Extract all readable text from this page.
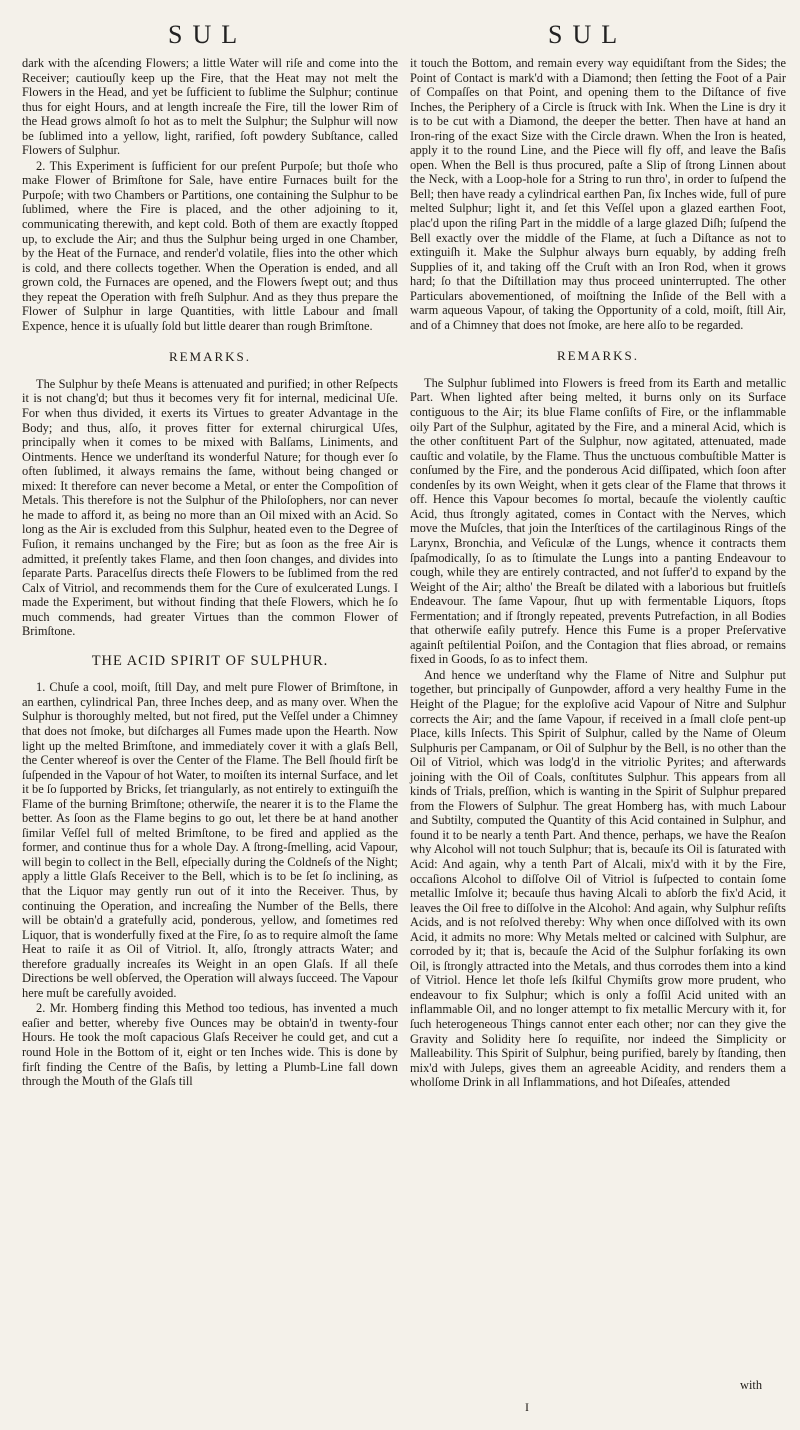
SUL	SUL

dark with the aſcending Flowers; a little Water will riſe and come into the Receiver; cautiouſly keep up the Fire, that the Heat may not melt the Flowers in the Head, and yet be ſufficient to ſublime the Sulphur; continue thus for eight Hours, and at length increaſe the Fire, till the lower Rim of the Head grows almoſt ſo hot as to melt the Sulphur; the Sulphur will now be ſublimed into a yellow, light, rarified, ſoft powdery Subſtance, called Flowers of Sulphur.

2. This Experiment is ſufficient for our preſent Purpoſe; but thoſe who make Flower of Brimſtone for Sale, have entire Furnaces built for the Purpoſe; with two Chambers or Partitions, one containing the Sulphur to be ſublimed, where the Fire is placed, and the other adjoining to it, communicating therewith, and kept cold. Both of them are exactly ſtopped up, to exclude the Air; and thus the Sulphur being urged in one Chamber, by the Heat of the Furnace, and render'd volatile, flies into the other which is cold, and there collects together. When the Operation is ended, and all grown cold, the Furnaces are opened, and the Flowers ſwept out; and thus they repeat the Operation with freſh Sulphur. And as they thus prepare the Flower of Sulphur in large Quantities, with little Labour and ſmall Expence, hence it is uſually ſold but little dearer than rough Brimſtone.

REMARKS.

The Sulphur by theſe Means is attenuated and purified; in other Reſpects it is not chang'd; but thus it becomes very fit for internal, medicinal Uſe. For when thus divided, it exerts its Virtues to greater Advantage in the Body; and thus, alſo, it proves fitter for external chirurgical Uſes, principally when it comes to be mixed with Balſams, Liniments, and Ointments. Hence we underſtand its wonderful Nature; for though ever ſo often ſublimed, it always remains the ſame, without being changed or mixed: It therefore can never become a Metal, or enter the Compoſition of Metals. This therefore is not the Sulphur of the Philoſophers, nor can never he made to afford it, as being no more than an Oil mixed with an Acid. So long as the Air is excluded from this Sulphur, heated even to the Degree of Fuſion, it remains unchanged by the Fire; but as ſoon as the free Air is admitted, it preſently takes Flame, and then ſoon changes, and divides into ſeparate Parts. Paracelſus directs theſe Flowers to be ſublimed from the red Calx of Vitriol, and recommends them for the Cure of exulcerated Lungs. I made the Experiment, but without finding that theſe Flowers, which he ſo much commends, had greater Virtues than the common Flower of Brimſtone.

THE ACID SPIRIT OF SULPHUR.

1. Chuſe a cool, moiſt, ſtill Day, and melt pure Flower of Brimſtone, in an earthen, cylindrical Pan, three Inches deep, and as many over. When the Sulphur is thoroughly melted, but not fired, put the Veſſel under a Chimney that does not ſmoke, but diſcharges all Fumes made upon the Hearth. Now light up the melted Brimſtone, and immediately cover it with a glaſs Bell, the Center whereof is over the Center of the Flame. The Bell ſhould firſt be ſuſpended in the Vapour of hot Water, to moiſten its internal Surface, and let it be ſo ſupported by Bricks, ſet triangularly, as not entirely to extinguiſh the Flame of the burning Brimſtone; otherwiſe, the nearer it is to the Flame the better. As ſoon as the Flame begins to go out, let there be at hand another ſimilar Veſſel full of melted Brimſtone, to be fired and applied as the former, and continue thus for a whole Day. A ſtrong-ſmelling, acid Vapour, will begin to collect in the Bell, eſpecially during the Coldneſs of the Night; apply a little Glaſs Receiver to the Bell, which is to be ſet ſo inclining, as that the Liquor may gently run out of it into the Receiver. Thus, by continuing the Operation, and increaſing the Number of the Bells, there will be obtain'd a gratefully acid, ponderous, yellow, and ſometimes red Liquor, that is wonderfully fixed at the Fire, ſo as to require almoſt the ſame Heat to raiſe it as Oil of Vitriol. It, alſo, ſtrongly attracts Water; and therefore gradually increaſes its Weight in an open Glaſs. If all theſe Directions be well obſerved, the Operation will always ſucceed. The Vapour here muſt be carefully avoided.

2. Mr. Homberg finding this Method too tedious, has invented a much eaſier and better, whereby five Ounces may be obtain'd in twenty-four Hours. He took the moſt capacious Glaſs Receiver he could get, and cut a round Hole in the Bottom of it, eight or ten Inches wide. This is done by firſt finding the Centre of the Baſis, by letting a Plumb-Line fall down through the Mouth of the Glaſs till

it touch the Bottom, and remain every way equidiſtant from the Sides; the Point of Contact is mark'd with a Diamond; then ſetting the Foot of a Pair of Compaſſes on that Point, and opening them to the Diſtance of five Inches, the Periphery of a Circle is ſtruck with Ink. When the Line is dry it is to be cut with a Diamond, the deeper the better. Then have at hand an Iron-ring of the exact Size with the Circle drawn. When the Iron is heated, apply it to the round Line, and the Piece will fly off, and leave the Baſis open. When the Bell is thus procured, paſte a Slip of ſtrong Linnen about the Neck, with a Loop-hole for a String to run thro', in order to ſuſpend the Bell; then have ready a cylindrical earthen Pan, ſix Inches wide, full of pure melted Sulphur; light it, and ſet this Veſſel upon a glazed earthen Foot, plac'd upon the riſing Part in the middle of a large glazed Diſh; ſuſpend the Bell exactly over the middle of the Flame, at ſuch a Diſtance as not to extinguiſh it. Make the Sulphur always burn equably, by adding freſh Supplies of it, and taking off the Cruſt with an Iron Rod, when it grows hard; ſo that the Diſtillation may thus proceed uninterrupted. The other Particulars abovementioned, of moiſtning the Inſide of the Bell with a warm aqueous Vapour, of taking the Opportunity of a cold, moiſt, ſtill Air, and of a Chimney that does not ſmoke, are here alſo to be regarded.

REMARKS.

The Sulphur ſublimed into Flowers is freed from its Earth and metallic Part. When lighted after being melted, it burns only on its Surface contiguous to the Air; its blue Flame conſiſts of Fire, or the inflammable oily Part of the Sulphur, agitated by the Fire, and a mineral Acid, which is the other conſtituent Part of the Sulphur, now agitated, attenuated, made cauſtic and volatile, by the Flame. Thus the unctuous combuſtible Matter is conſumed by the Fire, and the ponderous Acid diſſipated, which ſoon after condenſes by its own Weight, when it gets clear of the Flame that throws it off. Hence this Vapour becomes ſo mortal, becauſe the violently cauſtic Acid, thus ſtrongly agitated, comes in Contact with the Nerves, which move the Muſcles, that join the Interſtices of the cartilaginous Rings of the Larynx, Bronchia, and Veſiculæ of the Lungs, whence it contracts them ſpaſmodically, ſo as to ſtimulate the Lungs into a panting Endeavour to cough, while they are entirely contracted, and not ſuffer'd to expand by the Weight of the Air; altho' the Breaſt be dilated with a laborious but fruitleſs Endeavour. The ſame Vapour, ſhut up with fermentable Liquors, ſtops Fermentation; and if ſtrongly repeated, prevents Putrefaction, in all Bodies that otherwiſe eaſily putrefy. Hence this Fume is a proper Preſervative againſt peſtilential Poiſon, and the Contagion that flies abroad, or remains fixed in Goods, ſo as to infect them.

And hence we underſtand why the Flame of Nitre and Sulphur put together, but principally of Gunpowder, afford a very healthy Fume in the Height of the Plague; for the exploſive acid Vapour of Nitre and Sulphur corrects the Air; and the ſame Vapour, if received in a ſmall cloſe pent-up Place, kills Inſects. This Spirit of Sulphur, called by the Name of Oleum Sulphuris per Campanam, or Oil of Sulphur by the Bell, is no other than the Oil of Vitriol, which was lodg'd in the vitriolic Pyrites; and afterwards joining with the Oil of Coals, conſtitutes Sulphur. This appears from all kinds of Trials, preſſion, which is wanting in the Spirit of Sulphur prepared from the Flowers of Sulphur. The great Homberg has, with much Labour and Subtilty, computed the Quantity of this Acid contained in Sulphur, and found it to be nearly a tenth Part. And thence, perhaps, we have the Reaſon why Alcohol will not touch Sulphur; that is, becauſe its Oil is ſaturated with Acid: And again, why a tenth Part of Alcali, mix'd with it by the Fire, occaſions Alcohol to diſſolve Oil of Vitriol is ſuſpected to contain ſome metallic Imſolve it; becauſe thus having Alcali to abſorb the fix'd Acid, it leaves the Oil free to diſſolve in the Alcohol: And again, why Sulphur reſiſts Acids, and is not reſolved thereby: Why when once diſſolved with its own Acid, it admits no more: Why Metals melted or calcined with Sulphur, are corroded by it; that is, becauſe the Acid of the Sulphur forſaking its own Oil, is ſtrongly attracted into the Metals, and thus corrodes them into a kind of Vitriol. Hence let thoſe leſs ſkilful Chymiſts grow more prudent, who endeavour to fix Sulphur; which is only a foſſil Acid united with an inflammable Oil, and no longer attempt to fix metallic Mercury with it, for ſuch heterogeneous Things cannot enter each other; nor can they give the Gravity and Solidity here ſo requiſite, nor indeed the Simplicity or Malleability. This Spirit of Sulphur, being purified, barely by ſtanding, then mix'd with Juleps, gives them an agreeable Acidity, and renders them a wholſome Drink in all Inflammations, and hot Diſeaſes, attended

with
I
